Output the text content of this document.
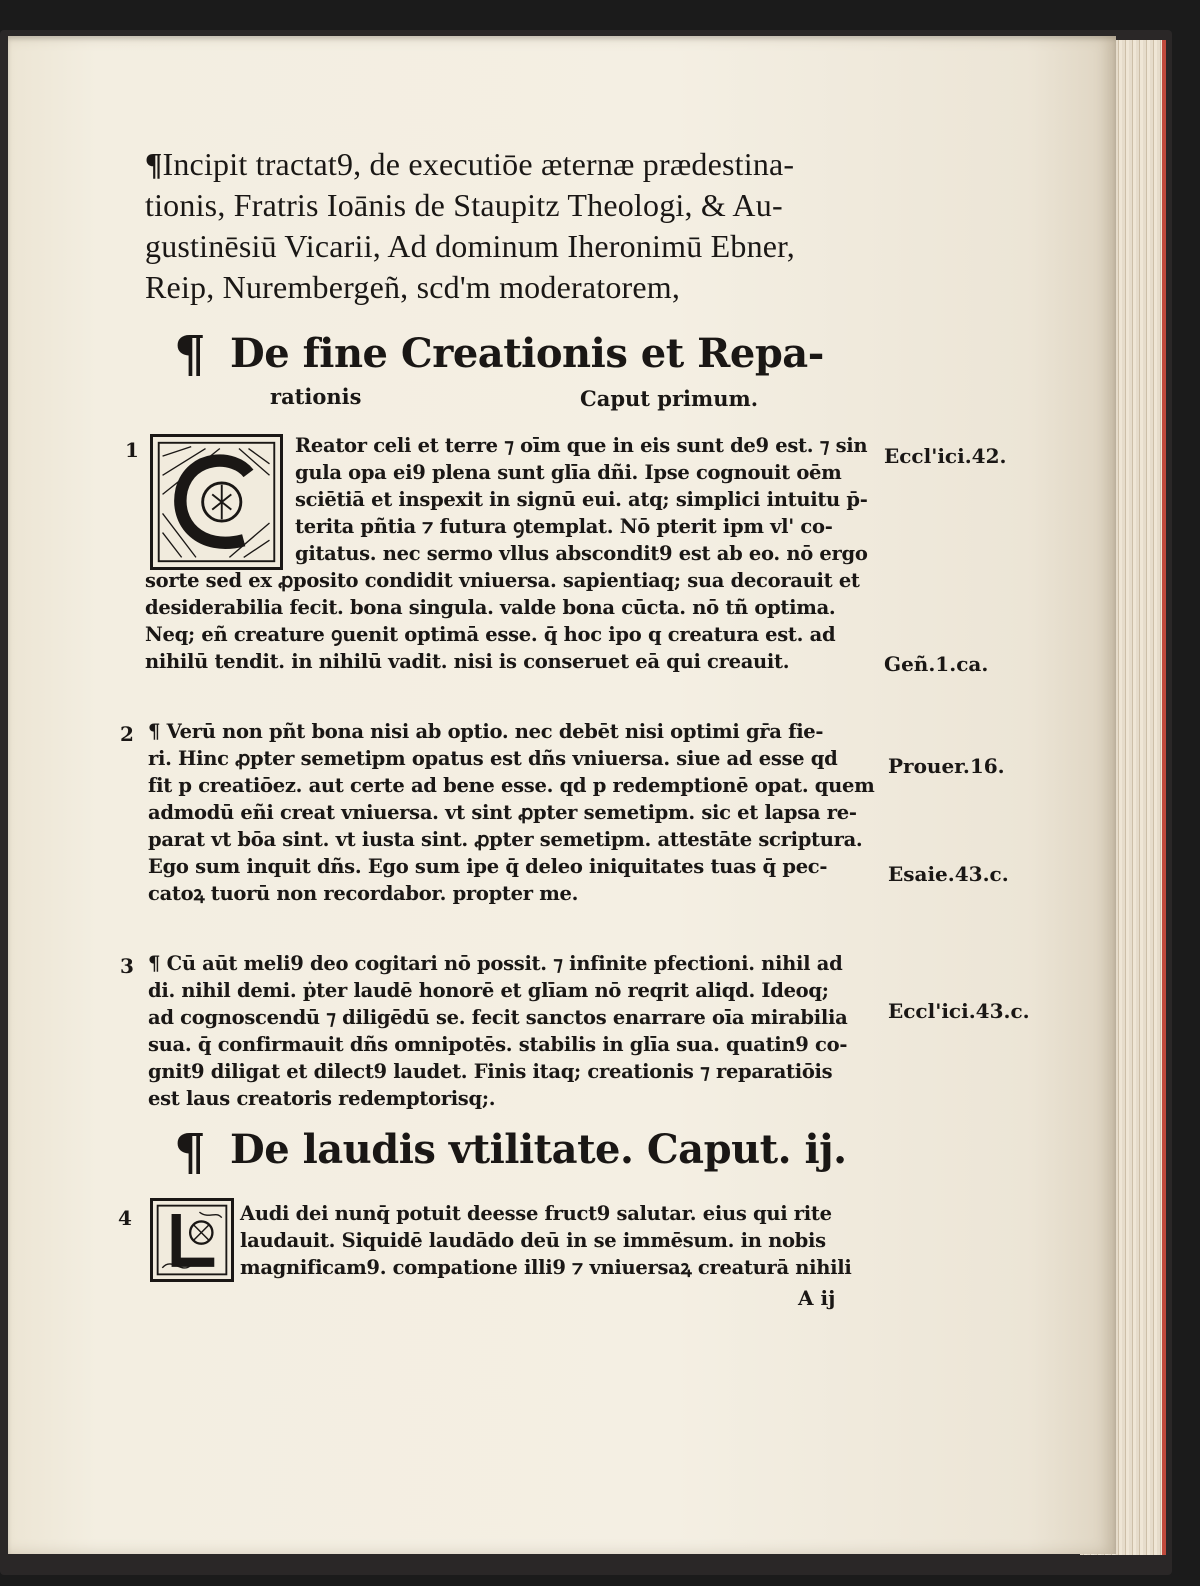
¶Incipit tractat9, de executiōe æternæ prædestina-
tionis, Fratris Ioānis de Staupitz Theologi, & Au-
gustinēsiū Vicarii, Ad dominum Iheronimū Ebner,
Reip, Nurembergeñ, scd'm moderatorem,
¶ De fine Creationis et Repa-
rationis	Caput primum.
1	Reator celi et terre ⁊ oīm que in eis sunt de9 est. ⁊ sin
gula opa ei9 plena sunt glīa dñi. Ipse cognouit oēm
sciētiā et inspexit in signū eui. atq; simplici intuitu p̄-
terita pñtia ⁊ futura ꝯtemplat. Nō pterit ipm vl' co-
gitatus. nec sermo vllus abscondit9 est ab eo. nō ergo
sorte sed ex ꝓposito condidit vniuersa. sapientiaq; sua decorauit et
desiderabilia fecit. bona singula. valde bona cūcta. nō tñ optima.
Neq; eñ creature ꝯuenit optimā esse. q̄ hoc ipo q creatura est. ad
nihilū tendit. in nihilū vadit. nisi is conseruet eā qui creauit.
Eccl'ici.42.
Geñ.1.ca.
2 ¶ Verū non pñt bona nisi ab optio. nec debēt nisi optimi gr̄a fie-
ri. Hinc ꝓpter semetipm opatus est dñs vniuersa. siue ad esse qd
fit p creatiōez. aut certe ad bene esse. qd p redemptionē opat. quem
admodū eñi creat vniuersa. vt sint ꝓpter semetipm. sic et lapsa re-
parat vt bōa sint. vt iusta sint. ꝓpter semetipm. attestāte scriptura.
Ego sum inquit dñs. Ego sum ipe q̄ deleo iniquitates tuas q̄ pec-
catoꝝ tuorū non recordabor. propter me.
Prouer.16.
Esaie.43.c.
3 ¶ Cū aūt meli9 deo cogitari nō possit. ⁊ infinite pfectioni. nihil ad
di. nihil demi. ṗter laudē honorē et glīam nō reqrit aliqd. Ideoq;
ad cognoscendū ⁊ diligēdū se. fecit sanctos enarrare oīa mirabilia
sua. q̄ confirmauit dñs omnipotēs. stabilis in glīa sua. quatin9 co-
gnit9 diligat et dilect9 laudet. Finis itaq; creationis ⁊ reparatiōis
est laus creatoris redemptorisq;.
Eccl'ici.43.c.
¶ De laudis vtilitate. Caput. ij.
4	Audi dei nunq̄ potuit deesse fruct9 salutar. eius qui rite
laudauit. Siquidē laudādo deū in se immēsum. in nobis
magnificam9. compatione illi9 ⁊ vniuersaꝝ creaturā nihili
A ij
